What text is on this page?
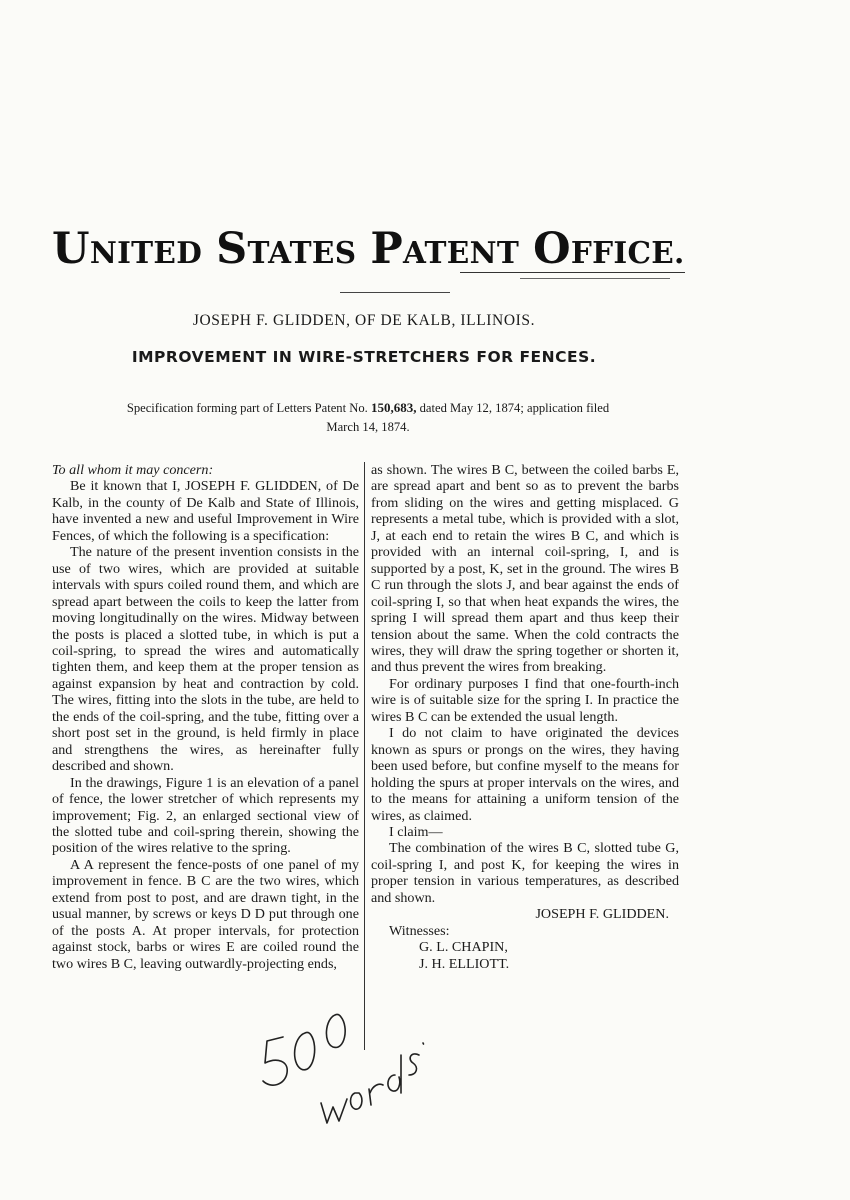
UNITED STATES PATENT OFFICE.
JOSEPH F. GLIDDEN, OF DE KALB, ILLINOIS.
IMPROVEMENT IN WIRE-STRETCHERS FOR FENCES.
Specification forming part of Letters Patent No. 150,683, dated May 12, 1874; application filed
March 14, 1874.

To all whom it may concern:

Be it known that I, JOSEPH F. GLIDDEN, of De Kalb, in the county of De Kalb and State of Illinois, have invented a new and useful Improvement in Wire Fences, of which the following is a specification:

The nature of the present invention consists in the use of two wires, which are provided at suitable intervals with spurs coiled round them, and which are spread apart between the coils to keep the latter from moving longitudinally on the wires. Midway between the posts is placed a slotted tube, in which is put a coil-spring, to spread the wires and automatically tighten them, and keep them at the proper tension as against expansion by heat and contraction by cold. The wires, fitting into the slots in the tube, are held to the ends of the coil-spring, and the tube, fitting over a short post set in the ground, is held firmly in place and strengthens the wires, as hereinafter fully described and shown.

In the drawings, Figure 1 is an elevation of a panel of fence, the lower stretcher of which represents my improvement; Fig. 2, an enlarged sectional view of the slotted tube and coil-spring therein, showing the position of the wires relative to the spring.

A A represent the fence-posts of one panel of my improvement in fence. B C are the two wires, which extend from post to post, and are drawn tight, in the usual manner, by screws or keys D D put through one of the posts A. At proper intervals, for protection against stock, barbs or wires E are coiled round the two wires B C, leaving outwardly-projecting ends,

as shown. The wires B C, between the coiled barbs E, are spread apart and bent so as to prevent the barbs from sliding on the wires and getting misplaced. G represents a metal tube, which is provided with a slot, J, at each end to retain the wires B C, and which is provided with an internal coil-spring, I, and is supported by a post, K, set in the ground. The wires B C run through the slots J, and bear against the ends of coil-spring I, so that when heat expands the wires, the spring I will spread them apart and thus keep their tension about the same. When the cold contracts the wires, they will draw the spring together or shorten it, and thus prevent the wires from breaking.

For ordinary purposes I find that one-fourth-inch wire is of suitable size for the spring I. In practice the wires B C can be extended the usual length.

I do not claim to have originated the devices known as spurs or prongs on the wires, they having been used before, but confine myself to the means for holding the spurs at proper intervals on the wires, and to the means for attaining a uniform tension of the wires, as claimed.

I claim—

The combination of the wires B C, slotted tube G, coil-spring I, and post K, for keeping the wires in proper tension in various temperatures, as described and shown.

JOSEPH F. GLIDDEN.

Witnesses:

G. L. CHAPIN,

J. H. ELLIOTT.
